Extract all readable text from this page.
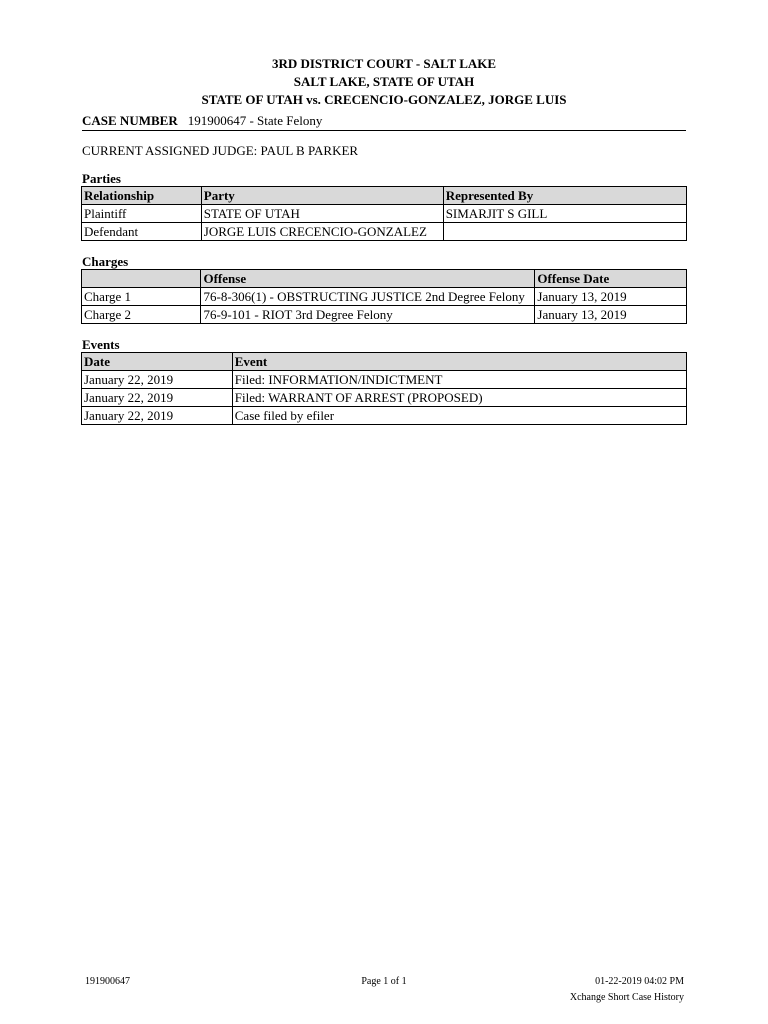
3RD DISTRICT COURT - SALT LAKE
SALT LAKE, STATE OF UTAH
STATE OF UTAH vs. CRECENCIO-GONZALEZ, JORGE LUIS
CASE NUMBER 191900647 - State Felony
CURRENT ASSIGNED JUDGE: PAUL B PARKER
Parties
Relationship	Party	Represented By
Plaintiff	STATE OF UTAH	SIMARJIT S GILL
Defendant	JORGE LUIS CRECENCIO-GONZALEZ	
Charges
	Offense	Offense Date
Charge 1	76-8-306(1) - OBSTRUCTING JUSTICE 2nd Degree Felony	January 13, 2019
Charge 2	76-9-101 - RIOT 3rd Degree Felony	January 13, 2019
Events
Date	Event
January 22, 2019	Filed: INFORMATION/INDICTMENT
January 22, 2019	Filed: WARRANT OF ARREST (PROPOSED)
January 22, 2019	Case filed by efiler
191900647	Page 1 of 1	01-22-2019 04:02 PM
Xchange Short Case History
